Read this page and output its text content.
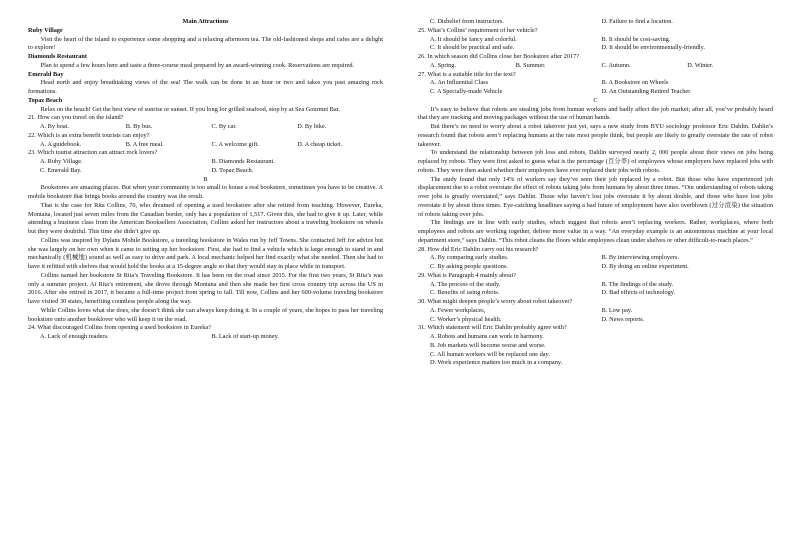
Main Attractions
Ruby Village
Visit the heart of the island to experience some shopping and a relaxing afternoon tea. The old-fashioned shops and cafes are a delight to explore!
Diamonds Restaurant
Plan to spend a few hours here and taste a three-course meal prepared by an award-winning cook. Reservations are required.
Emerald Bay
Head north and enjoy breathtaking views of the sea! The walk can be done in an hour or two and takes you past amazing rock formations.
Topaz Beach
Relax on the beach! Get the best view of sunrise or sunset. If you long for grilled seafood, stop by at Sea Gourmet Bar.
21. How can you travel on the island?
A. By boat.	B. By bus.	C. By car.	D. By bike.
22. Which is an extra benefit tourists can enjoy?
A. A guidebook.	B. A free meal.	C. A welcome gift.	D. A cheap ticket.
23. Which tourist attraction can attract rock lovers?
A. Ruby Village.	B. Diamonds Restaurant.
C. Emerald Bay.	D. Topaz Beach.
B
Bookstores are amazing places. But when your community is too small to house a real bookstore, sometimes you have to be creative. A mobile bookstore that brings books around the country was the result.
That is the case for Rita Collins, 70, who dreamed of opening a used bookstore after she retired from teaching. However, Eureka, Montana, located just seven miles from the Canadian border, only has a population of 1,517. Given this, she had to give it up. Later, while attending a business class from the American Booksellers Association, Collins asked her instructors about a traveling bookstore on wheels but they were doubtful. This time she didn’t give up.
Collins was inspired by Dylans Mobile Bookstore, a traveling bookstore in Wales run by Jeff Towns. She contacted Jeff for advice but she was largely on her own when it came to setting up her bookstore. First, she had to find a vehicle which is large enough to stand in and mechanically (机械地) sound as well as easy to drive and park. A local mechanic helped her find exactly what she needed. Then she had to have it refitted with shelves that would hold the books at a 15-degree angle so that they would stay in place while in transport.
Collins named her bookstore St Rita’s Traveling Bookstore. It has been on the road since 2015. For the first two years, St Rita’s was only a summer project. At Rita’s retirement, she drove through Montana and then she made her first cross country trip across the US in 2016. After she retired in 2017, it became a full-time project from spring to fall. Till now, Collins and her 600-volume traveling bookstore have visited 30 states, benefiting countless people along the way.
While Collins loves what she does, she doesn’t think she can always keep doing it. In a couple of years, she hopes to pass her traveling bookstore onto another booklover who will keep it on the road.
24. What discouraged Collins from opening a used bookstore in Eureka?
A. Lack of enough readers.	B. Lack of start-up money.
C. Disbelief from instructors.	D. Failure to find a location.
25. What’s Collins’ requirement of her vehicle?
A. It should be fancy and colorful.	B. It should be cost-saving.
C. It should be practical and safe.	D. It should be environmentally-friendly.
26. In which season did Collins close her Bookstore after 2017?
A. Spring.	B. Summer.	C. Autumn.	D. Winter.
27. What is a suitable title for the text?
A. An Influential Class	B. A Bookstore on Wheels
C. A Specially-made Vehicle	D. An Outstanding Retired Teacher
C
It’s easy to believe that robots are stealing jobs from human workers and badly affect the job market; after all, you’ve probably heard that they are tracking and moving packages without the use of human hands.
But there’s no need to worry about a robot takeover just yet, says a new study from BYU sociology professor Eric Dahlin. Dahlin’s research found that robots aren’t replacing humans at the rate most people think, but people are likely to greatly overstate the rate of robot takeover.
To understand the relationship between job loss and robots, Dahlin surveyed nearly 2, 000 people about their views on jobs being replaced by robots. They were first asked to guess what is the percentage (百分率) of employees whose employers have replaced jobs with robots. They were then asked whether their employers have ever replaced their jobs with robots.
The study found that only 14% of workers say they’ve seen their job replaced by a robot. But those who have experienced job displacement due to a robot overstate the effect of robots taking jobs from humans by about three times. “Our understanding of robots taking over jobs is greatly overstated,” says Dahlin. Those who haven’t lost jobs overstate it by about double, and those who have lost jobs overstate it by about three times. Eye-catching headlines saying a bad future of employment have also overblown (过分渲染) the situation of robots taking over jobs.
The findings are in line with early studies, which suggest that robots aren’t replacing workers. Rather, workplaces, where both employees and robots are working together, deliver more value in a way. “An everyday example is an autonomous machine at your local department store,” says Dahlin. “This robot cleans the floors while employees clean under shelves or other difficult-to-reach places.”
28. How did Eric Dahlin carry out his research?
A. By comparing early studies.	B. By interviewing employers.
C. By asking people questions.	D. By doing an online experiment.
29. What is Paragraph 4 mainly about?
A. The process of the study.	B. The findings of the study.
C. Benefits of using robots.	D. Bad effects of technology.
30. What might deepen people’s worry about robot takeover?
A. Fewer workplaces,	B. Low pay.
C. Worker’s physical health.	D. News reports.
31. Which statement will Eric Dahlin probably agree with?
A. Robots and humans can work in harmony.
B. Job markets will become worse and worse.
C. All human workers will be replaced one day.
D. Work experience matters too much in a company.
